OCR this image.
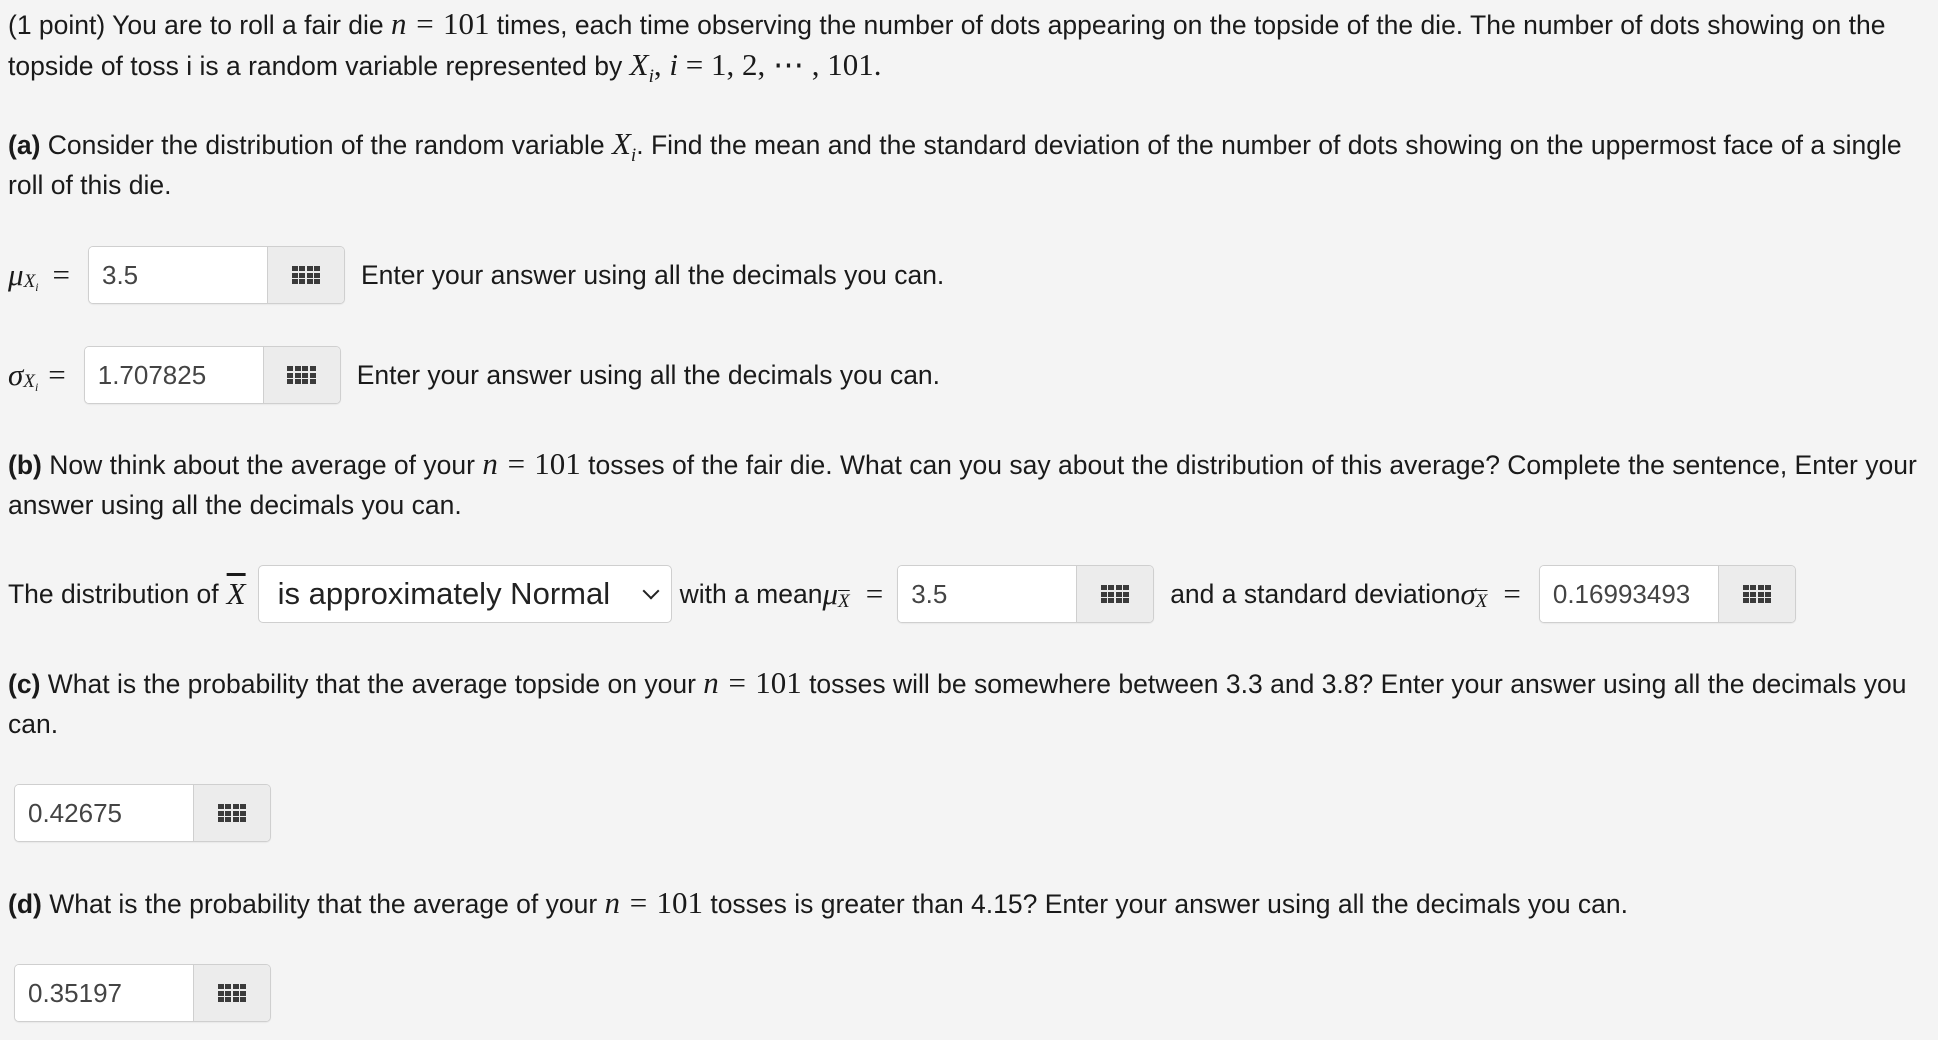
(1 point) You are to roll a fair die n = 101 times, each time observing the number of dots appearing on the topside of the die. The number of dots showing on the topside of toss i is a random variable represented by $X_i$, i = 1, 2, ⋯ , 101.
(a) Consider the distribution of the random variable $X_i$. Find the mean and the standard deviation of the number of dots showing on the uppermost face of a single roll of this die.
μ $X_i$ =
3.5	Enter your answer using all the decimals you can.
σ $X_i$ =
1.707825	Enter your answer using all the decimals you can.
(b) Now think about the average of your n = 101 tosses of the fair die. What can you say about the distribution of this average? Complete the sentence, Enter your answer using all the decimals you can.
The distribution of $\overline{X}$ is approximately Normal	with a mean μ $\overline{X}$ =
3.5	and a standard deviation σ $\overline{X}$ =
0.16993493
(c) What is the probability that the average topside on your n = 101 tosses will be somewhere between 3.3 and 3.8? Enter your answer using all the decimals you can.
0.42675
(d) What is the probability that the average of your n = 101 tosses is greater than 4.15? Enter your answer using all the decimals you can.
0.35197
